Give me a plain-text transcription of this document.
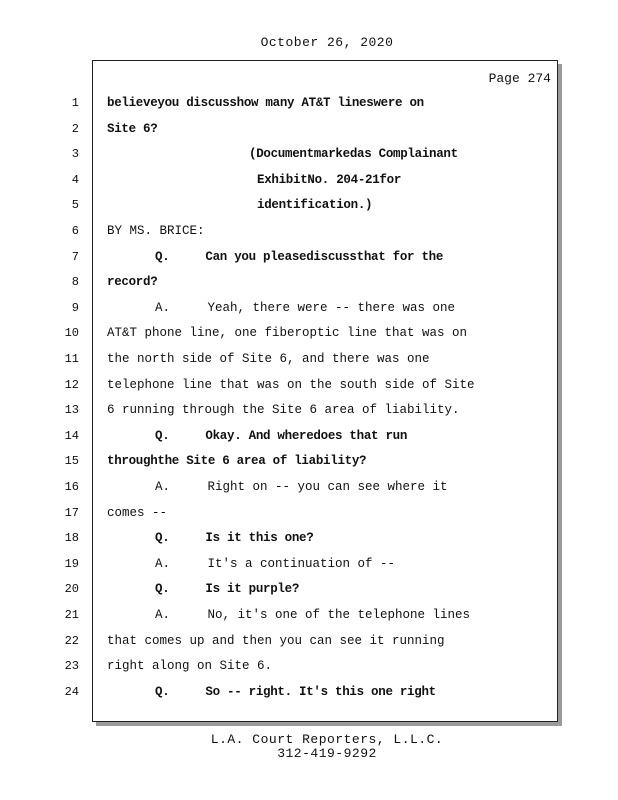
October 26, 2020
Page 274
1 believeyou discusshow many AT&T lineswere on
2 Site 6?
3	(Documentmarkedas Complainant
4	ExhibitNo. 204-21for
5	identification.)
6 BY MS. BRICE:
7	Q.     Can you pleasediscussthat for the
8 record?
9	A.     Yeah, there were -- there was one
10 AT&T phone line, one fiberoptic line that was on
11 the north side of Site 6, and there was one
12 telephone line that was on the south side of Site
13 6 running through the Site 6 area of liability.
14	Q.     Okay. And wheredoes that run
15 throughthe Site 6 area of liability?
16	A.     Right on -- you can see where it
17 comes --
18	Q.     Is it this one?
19	A.     It's a continuation of --
20	Q.     Is it purple?
21	A.     No, it's one of the telephone lines
22 that comes up and then you can see it running
23 right along on Site 6.
24	Q.     So -- right. It's this one right
L.A. Court Reporters, L.L.C.
312-419-9292
